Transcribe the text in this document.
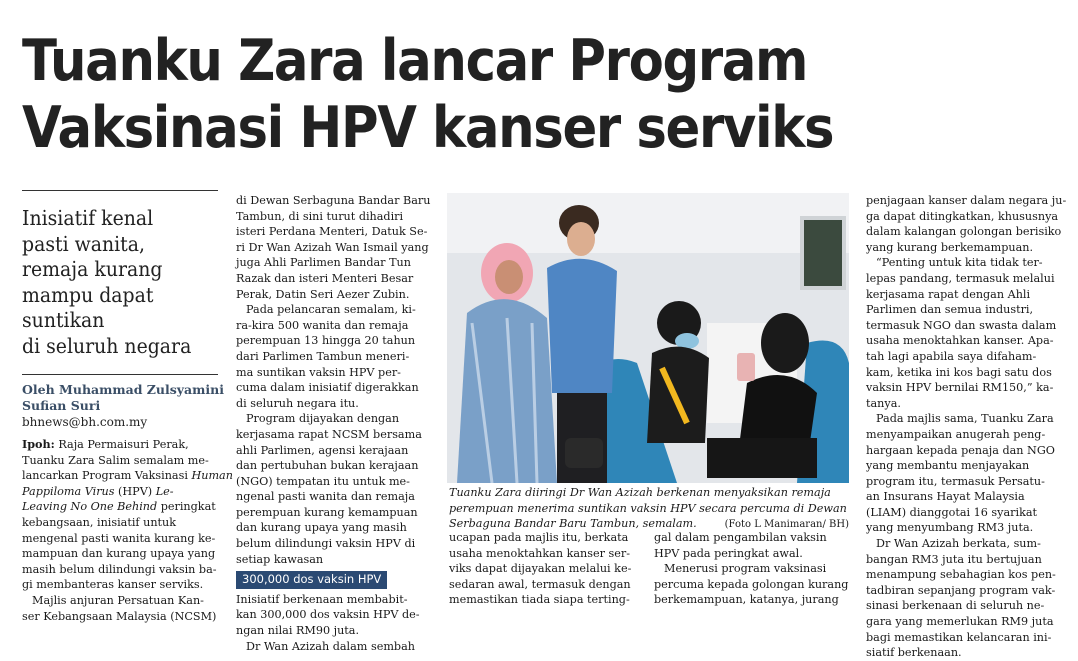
Tuanku Zara lancar Program
Vaksinasi HPV kanser serviks
Inisiatif kenal
pasti wanita,
remaja kurang
mampu dapat
suntikan
di seluruh negara
Oleh Muhammad Zulsyamini
Sufian Suri
bhnews@bh.com.my
Ipoh: Raja Permaisuri Perak,
Tuanku Zara Salim semalam me-
lancarkan Program Vaksinasi Human
Pappiloma Virus (HPV) Le-
Leaving No One Behind peringkat
kebangsaan, inisiatif untuk
mengenal pasti wanita kurang ke-
mampuan dan kurang upaya yang
masih belum dilindungi vaksin ba-
gi membanteras kanser serviks.
Majlis anjuran Persatuan Kan-
ser Kebangsaan Malaysia (NCSM)
di Dewan Serbaguna Bandar Baru
Tambun, di sini turut dihadiri
isteri Perdana Menteri, Datuk Se-
ri Dr Wan Azizah Wan Ismail yang
juga Ahli Parlimen Bandar Tun
Razak dan isteri Menteri Besar
Perak, Datin Seri Aezer Zubin.
Pada pelancaran semalam, ki-
ra-kira 500 wanita dan remaja
perempuan 13 hingga 20 tahun
dari Parlimen Tambun meneri-
ma suntikan vaksin HPV per-
cuma dalam inisiatif digerakkan
di seluruh negara itu.
Program dijayakan dengan
kerjasama rapat NCSM bersama
ahli Parlimen, agensi kerajaan
dan pertubuhan bukan kerajaan
(NGO) tempatan itu untuk me-
ngenal pasti wanita dan remaja
perempuan kurang kemampuan
dan kurang upaya yang masih
belum dilindungi vaksin HPV di
setiap kawasan
300,000 dos vaksin HPV
Inisiatif berkenaan membabit-
kan 300,000 dos vaksin HPV de-
ngan nilai RM90 juta.
Dr Wan Azizah dalam sembah
Tuanku Zara diiringi Dr Wan Azizah berkenan menyaksikan remaja perempuan menerima suntikan vaksin HPV secara percuma di Dewan Serbaguna Bandar Baru Tambun, semalam.	(Foto L Manimaran/ BH)
ucapan pada majlis itu, berkata
usaha menoktahkan kanser ser-
viks dapat dijayakan melalui ke-
sedaran awal, termasuk dengan
memastikan tiada siapa terting-
gal dalam pengambilan vaksin
HPV pada peringkat awal.
Menerusi program vaksinasi
percuma kepada golongan kurang
berkemampuan, katanya, jurang
penjagaan kanser dalam negara ju-
ga dapat ditingkatkan, khususnya
dalam kalangan golongan berisiko
yang kurang berkemampuan.
“Penting untuk kita tidak ter-
lepas pandang, termasuk melalui
kerjasama rapat dengan Ahli
Parlimen dan semua industri,
termasuk NGO dan swasta dalam
usaha menoktahkan kanser. Apa-
tah lagi apabila saya difaham-
kam, ketika ini kos bagi satu dos
vaksin HPV bernilai RM150,” ka-
tanya.
Pada majlis sama, Tuanku Zara
menyampaikan anugerah peng-
hargaan kepada penaja dan NGO
yang membantu menjayakan
program itu, termasuk Persatu-
an Insurans Hayat Malaysia
(LIAM) dianggotai 16 syarikat
yang menyumbang RM3 juta.
Dr Wan Azizah berkata, sum-
bangan RM3 juta itu bertujuan
menampung sebahagian kos pen-
tadbiran sepanjang program vak-
sinasi berkenaan di seluruh ne-
gara yang memerlukan RM9 juta
bagi memastikan kelancaran ini-
siatif berkenaan.
